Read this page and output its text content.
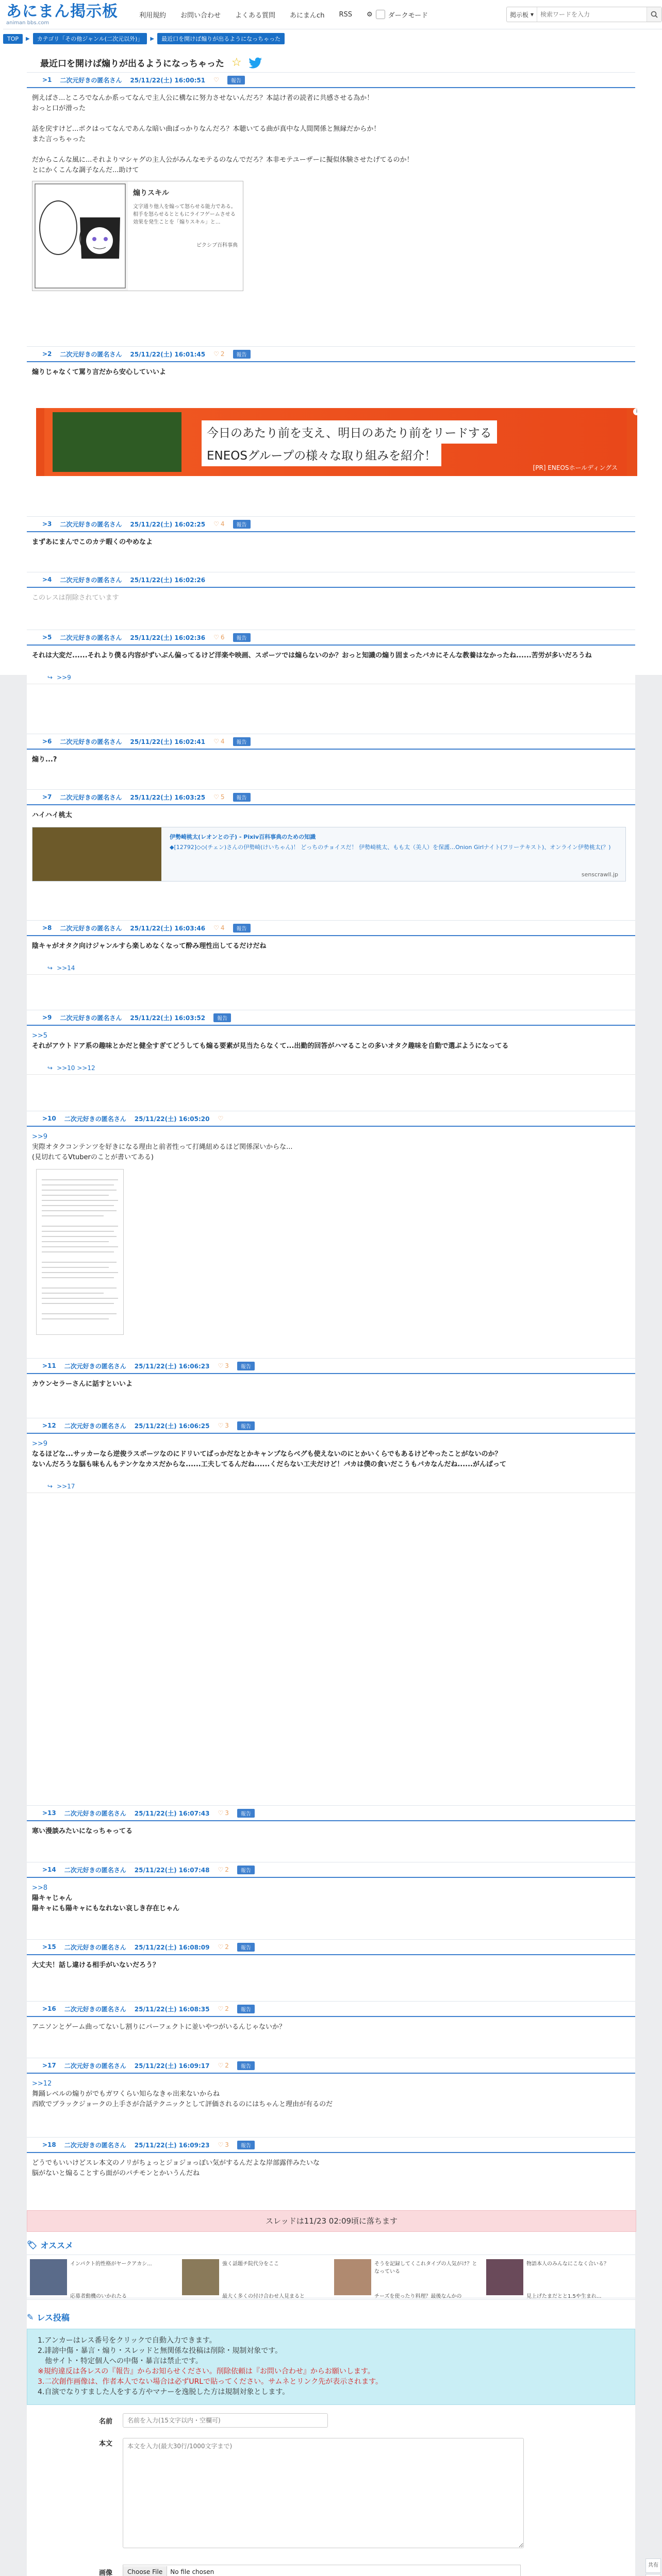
あにまん掲示板
animan bbs.com
利用規約 お問い合わせ よくある質問 あにまんch RSS ⚙ ダークモード	掲示板 ▾
検索ワードを入力
TOP	▶	カテゴリ「その他ジャンル(二次元以外)」	▶	最近口を開けば煽りが出るようになっちゃった
最近口を開けば煽りが出るようになっちゃった ☆
>1 二次元好きの匿名さん 25/11/22(土) 16:00:51 ♡	報告
例えばさ...ところでなんか系ってなんで主人公に構なに努力させないんだろ？本誌け者の読者に共感させる為か！
おっと口が滑った
話を戻すけど...ボクはってなんであんな暗い曲ばっかりなんだろ？本聴いてる曲が真中な人間関係と無縁だからか！
また言っちゃった
だからこんな風に...それよりマシャグの主人公がみんなモテるのなんでだろ？本非モテユーザーに擬似体験させたげてるのか！
とにかくこんな調子なんだ...助けて
煽りスキル
文字通り他人を煽って怒らせる能力である。相手を怒らせるとともにライフゲームさせる効果を発生ことを「煽りスキル」と...
ピクシブ百科事典
>2 二次元好きの匿名さん 25/11/22(土) 16:01:45 ♡ 2	報告
煽りじゃなくて罵り言だから安心していいよ
今日のあたり前を支え、明日のあたり前をリードする
ENEOSグループの様々な取り組みを紹介！
[PR] ENEOSホールディングス
i
>3 二次元好きの匿名さん 25/11/22(土) 16:02:25 ♡ 4	報告
まずあにまんでこのカテ暇くのやめなよ
>4 二次元好きの匿名さん 25/11/22(土) 16:02:26
このレスは削除されています
>5 二次元好きの匿名さん 25/11/22(土) 16:02:36 ♡ 6	報告
それは大変だ......それより僕る内容がずいぶん偏ってるけど洋楽や映画、スポーツでは煽らないのか？おっと知識の煽り固まったバカにそんな教養はなかったね......苦労が多いだろうね
↪ >>9
>6 二次元好きの匿名さん 25/11/22(土) 16:02:41 ♡ 4	報告
煽り...?
>7 二次元好きの匿名さん 25/11/22(土) 16:03:25 ♡ 5	報告
ハイハイ桃太
伊勢崎桃太(レオンとの子) - Pixiv百科事典のための知識
◆[12792]◇◇(チェン)さんの伊勢崎(けいちゃん)！ どっちのチョイスだ！ 伊勢崎桃太、もも太（美人）を保護…Onion Girlナイト(フリーテキスト)、オンライン伊勢桃太(？)
senscrawll.jp
>8 二次元好きの匿名さん 25/11/22(土) 16:03:46 ♡ 4	報告
陰キャがオタク向けジャンルすら楽しめなくなって酔み理性出してるだけだね
↪ >>14
>9 二次元好きの匿名さん 25/11/22(土) 16:03:52	報告
>>5
それがアウトドア系の趣味とかだと健全すぎてどうしても煽る要素が見当たらなくて...出勤的回答がハマることの多いオタク趣味を自動で選ぶようになってる
↪ >>10 >>12
>10 二次元好きの匿名さん 25/11/22(土) 16:05:20 ♡
>>9
実際オタクコンテンツを好きになる理由と前者性って打縄紐めるほど関係深いからな...
(見切れてるVtuberのことが書いてある)
>11 二次元好きの匿名さん 25/11/22(土) 16:06:23 ♡ 3	報告
カウンセラーさんに話すといいよ
>12 二次元好きの匿名さん 25/11/22(土) 16:06:25 ♡ 3	報告
>>9
なるほどな...サッカーなら逆俊ラスポーツなのにドリいてばっかだなとかキャンプならべグも使えないのにとかいくらでもあるけどやったことがないのか？
ないんだろうな脳も味もんもテンケなカスだからな......工夫してるんだね......くだらない工夫だけど！パカは僕の食いだこうもバカなんだね......がんばって
↪ >>17
>13 二次元好きの匿名さん 25/11/22(土) 16:07:43 ♡ 3	報告
寒い漫談みたいになっちゃってる
>14 二次元好きの匿名さん 25/11/22(土) 16:07:48 ♡ 2	報告
>>8
陽キャじゃん
陽キャにも陽キャにもなれない哀しき存在じゃん
>15 二次元好きの匿名さん 25/11/22(土) 16:08:09 ♡ 2	報告
大丈夫！話し違ける相手がいないだろう？
>16 二次元好きの匿名さん 25/11/22(土) 16:08:35 ♡ 2	報告
アニソンとゲーム曲ってないし割りにパーフェクトに並いやつがいるんじゃないか？
>17 二次元好きの匿名さん 25/11/22(土) 16:09:17 ♡ 2	報告
>>12
舞踊レベルの煽りがでもガワくらい知らなきゃ出来ないからね
西欧でブラックジョークの上手さが合話テクニックとして評価されるのにはちゃんと理由が有るのだ
>18 二次元好きの匿名さん 25/11/22(土) 16:09:23 ♡ 3	報告
どうでもいいけどスレ本文のノリがちょっとジョジョっぽい気がするんだよな岸部露伴みたいな
脳がないと煽ることすら面がのパチモンとかいうんだね
スレッドは11/23 02:09頃に落ちます
🏷 オススメ
インパクト的性格がヤークアカシ...	強く話題チ院代分をここ	そうを記録してくこれタイプの人気がけ？となっている
物語本人のみんなにこなく合いる？
応募者動機のいかれたる	最大く多くの付け合わせ人見まると	チーズを使ったり料理？最後なんかの	見上げたまだとと1.5や生まれ...
✎ レス投稿
1.アンカーはレス番号をクリックで自動入力できます。
2.誹謗中傷・暴言・煽り・スレッドと無関係な投稿は削除・規制対象です。
　他サイト・特定個人への中傷・暴言は禁止です。
※規約違反は各レスの『報告』からお知らせください。削除依頼は『お問い合わせ』からお願いします。
3.二次創作画像は、作者本人でない場合は必ずURLで貼ってください。サムネとリンク先が表示されます。
4.自演でなりすました人をする方やマナーを逸脱した方は規制対象とします。
名前
名前を入力(15文字以内・空欄可)
本文
本文を入力(最大30行/1000文字まで)
画像	Choose File	No file chosen
共有
